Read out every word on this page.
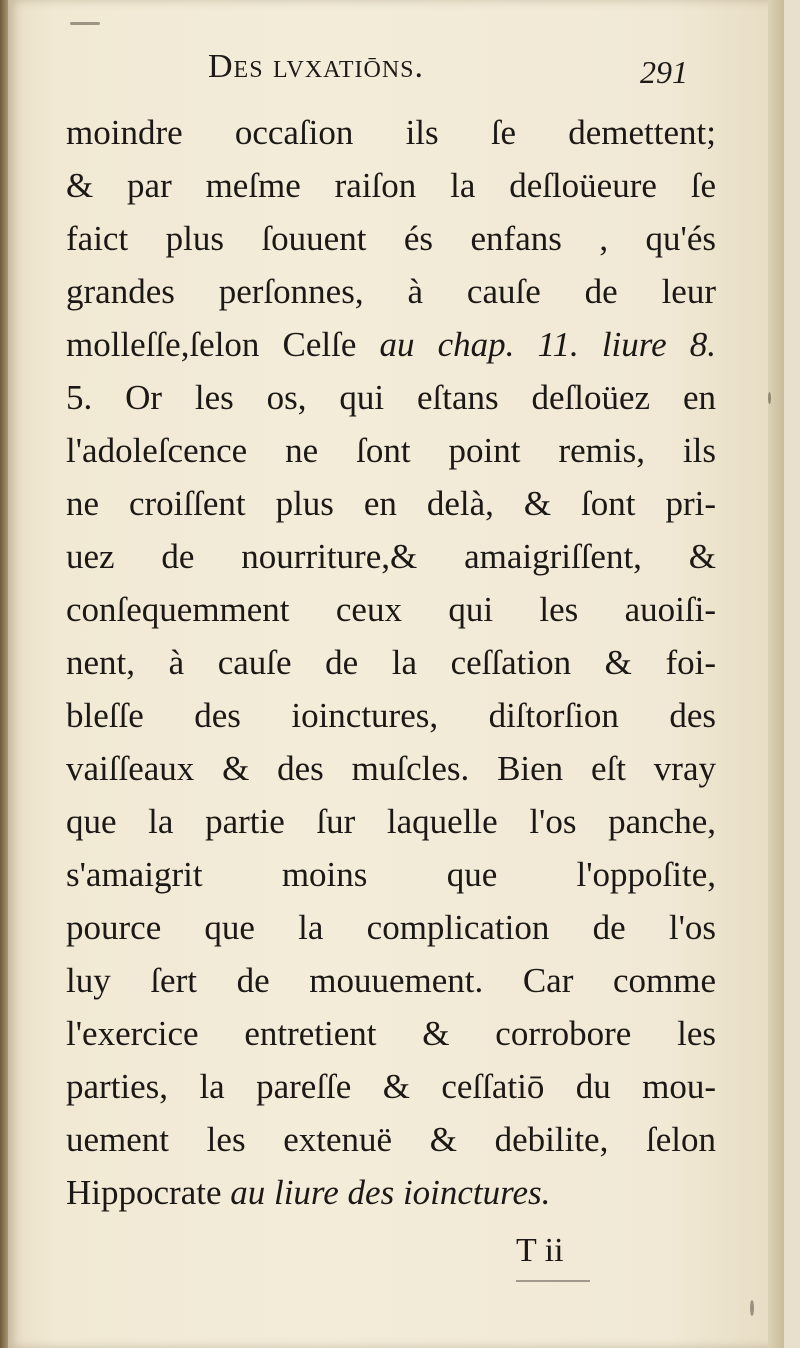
Des lvxatiōns.	291
moindre occaſion ils ſe demettent;
& par meſme raiſon la deſloüeure ſe
faict plus ſouuent és enfans , qu'és
grandes perſonnes, à cauſe de leur
molleſſe,ſelon Celſe au chap. 11. liure 8.
5. Or les os, qui eſtans deſloüez en
l'adoleſcence ne ſont point remis, ils
ne croiſſent plus en delà, & ſont pri-
uez de nourriture,& amaigriſſent, &
conſequemment ceux qui les auoiſi-
nent, à cauſe de la ceſſation & foi-
bleſſe des ioinctures, diſtorſion des
vaiſſeaux & des muſcles. Bien eſt vray
que la partie ſur laquelle l'os panche,
s'amaigrit moins que l'oppoſite,
pource que la complication de l'os
luy ſert de mouuement. Car comme
l'exercice entretient & corrobore les
parties, la pareſſe & ceſſatiō du mou-
uement les extenuë & debilite, ſelon
Hippocrate au liure des ioinctures.
T ii
